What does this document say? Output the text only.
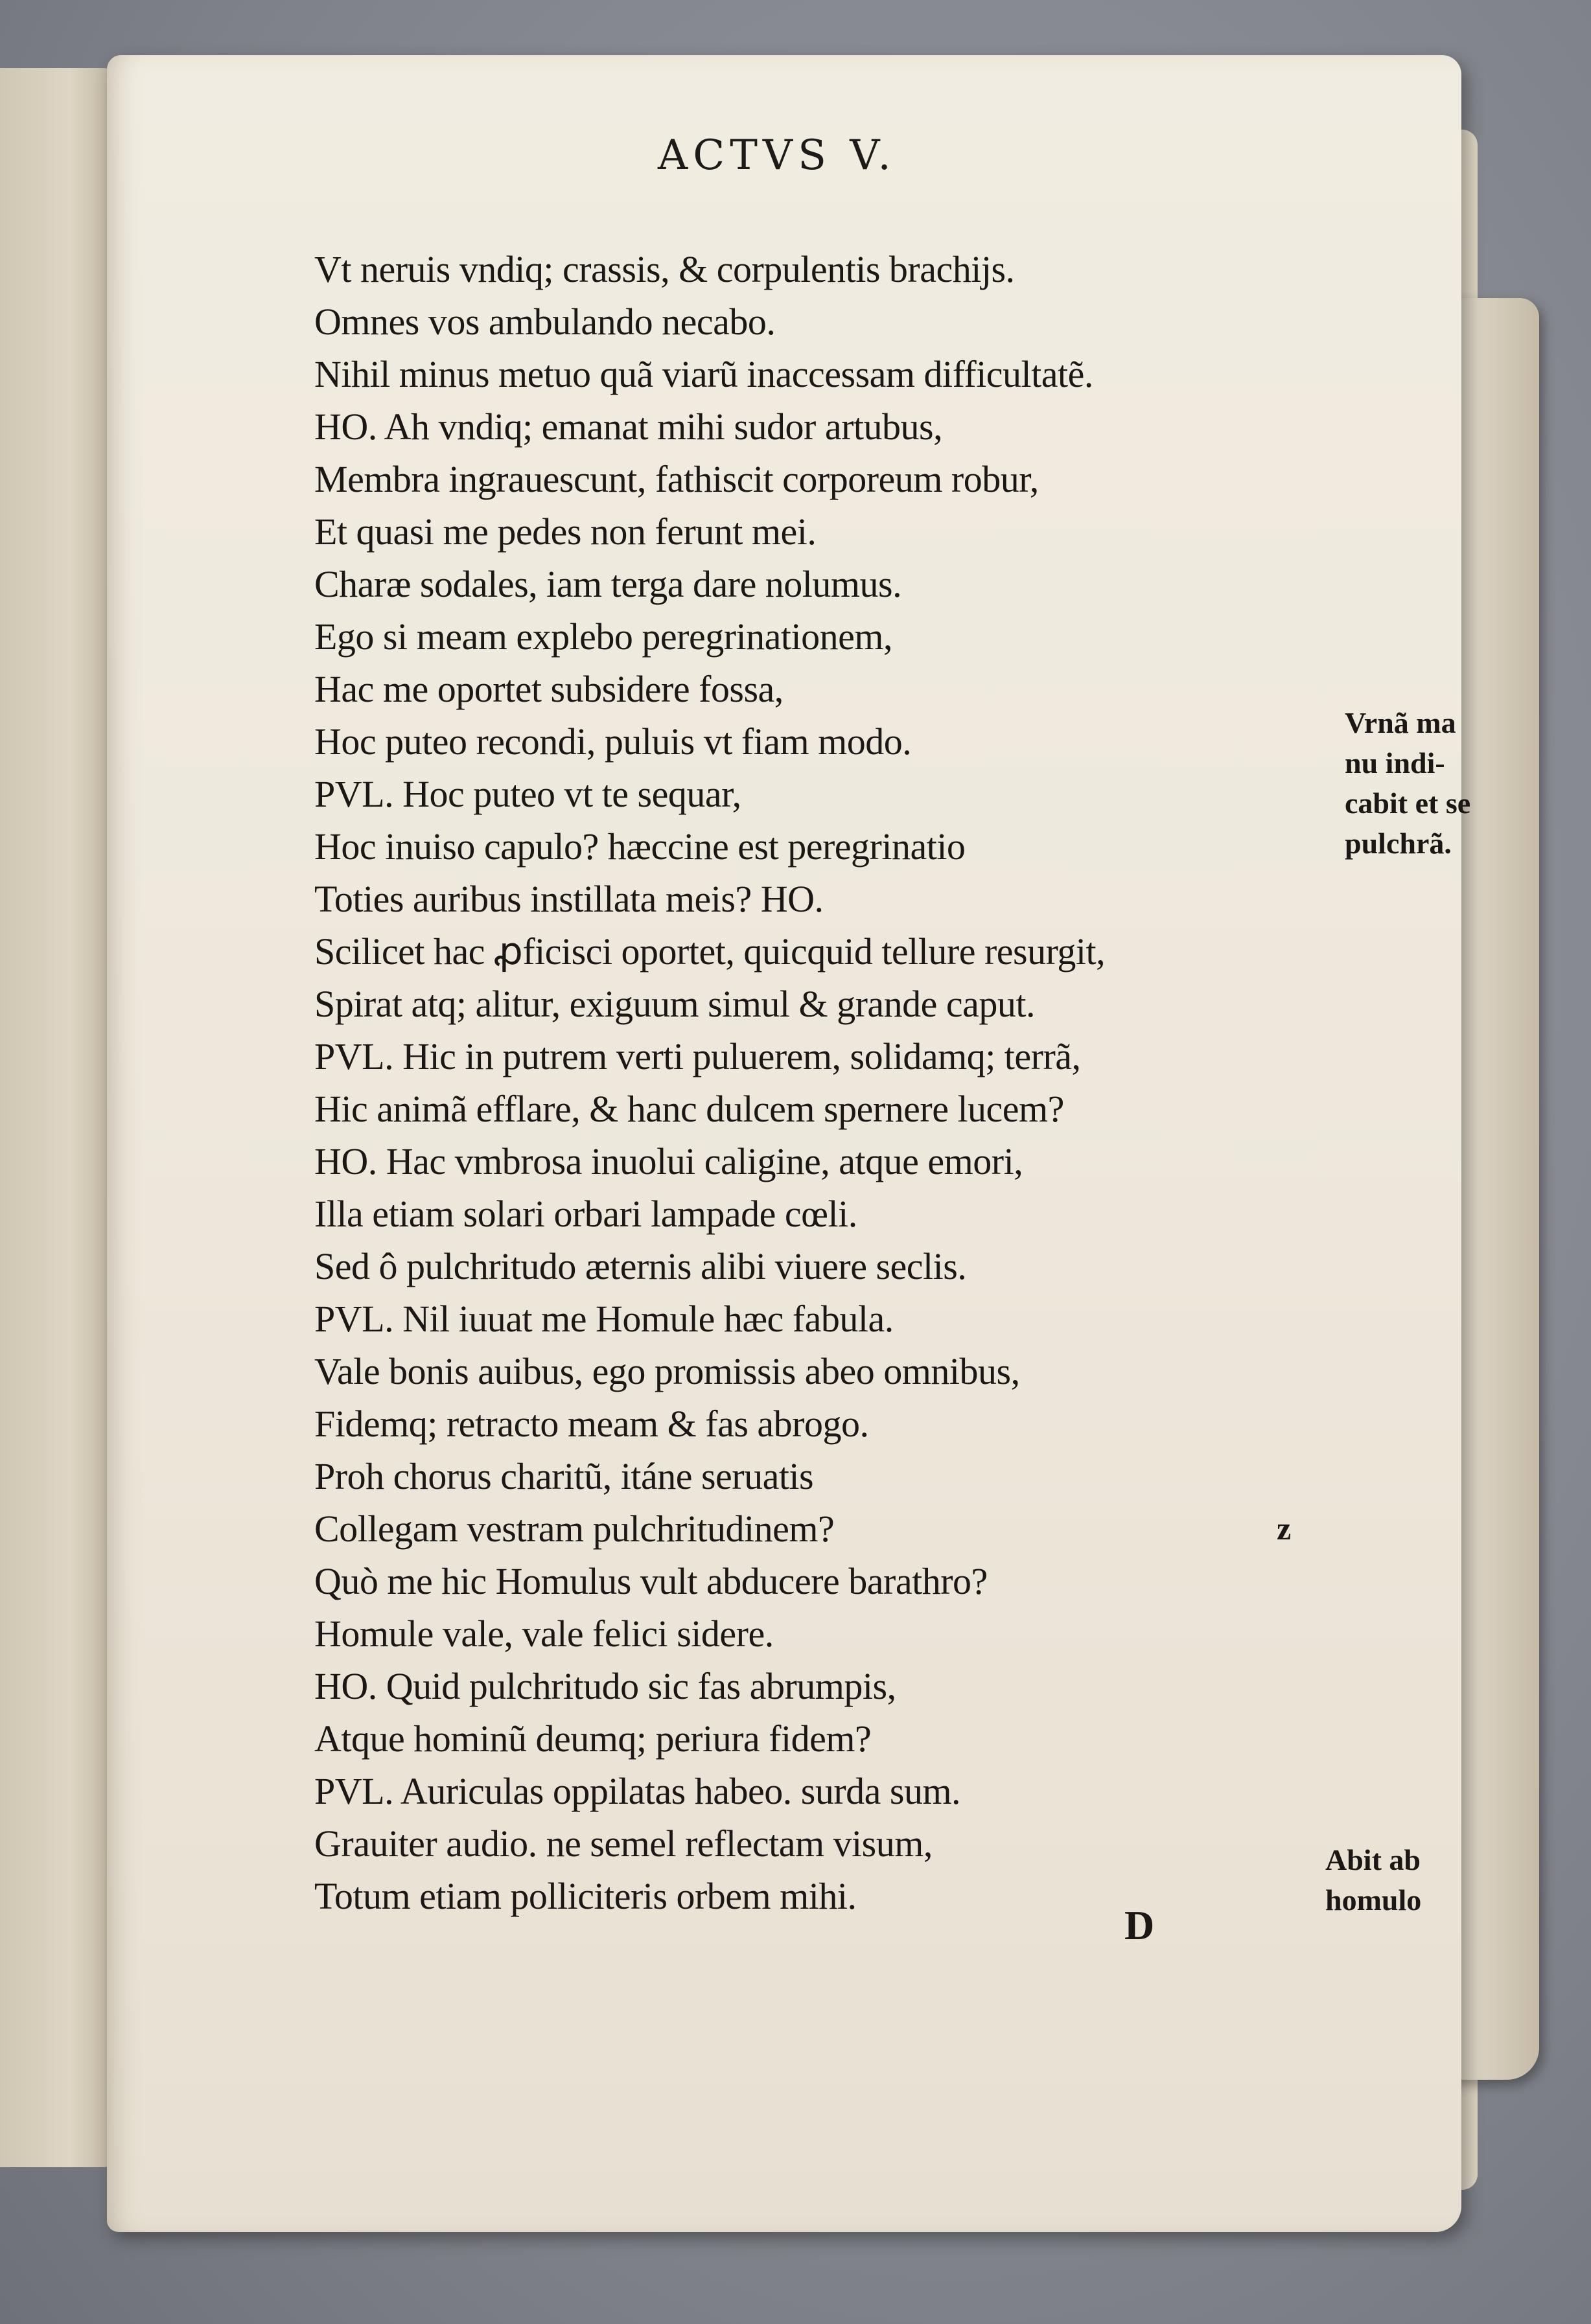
ACTVS V.
Vt neruis vndiq; crassis, & corpulentis brachijs.
Omnes vos ambulando necabo.
Nihil minus metuo quã viarũ inaccessam difficultatẽ.
HO. Ah vndiq; emanat mihi sudor artubus,
Membra ingrauescunt, fathiscit corporeum robur,
Et quasi me pedes non ferunt mei.
Charæ sodales, iam terga dare nolumus.
Ego si meam explebo peregrinationem,
Hac me oportet subsidere fossa,
Hoc puteo recondi, puluis vt fiam modo.
PVL. Hoc puteo vt te sequar,
Hoc inuiso capulo? hæccine est peregrinatio
Toties auribus instillata meis? HO.
Scilicet hac ꝓficisci oportet, quicquid tellure resurgit,
Spirat atq; alitur, exiguum simul & grande caput.
PVL. Hic in putrem verti puluerem, solidamq; terrã,
Hic animã efflare, & hanc dulcem spernere lucem?
HO. Hac vmbrosa inuolui caligine, atque emori,
Illa etiam solari orbari lampade cœli.
Sed ô pulchritudo æternis alibi viuere seclis.
PVL. Nil iuuat me Homule hæc fabula.
Vale bonis auibus, ego promissis abeo omnibus,
Fidemq; retracto meam & fas abrogo.
Proh chorus charitũ, itáne seruatis
Collegam vestram pulchritudinem?
Quò me hic Homulus vult abducere barathro?
Homule vale, vale felici sidere.
HO. Quid pulchritudo sic fas abrumpis,
Atque hominũ deumq; periura fidem?
PVL. Auriculas oppilatas habeo. surda sum.
Grauiter audio. ne semel reflectam visum,
Totum etiam polliciteris orbem mihi.
Vrnã ma
nu indi-
cabit et se
pulchrã.
z
Abit ab
homulo
D
